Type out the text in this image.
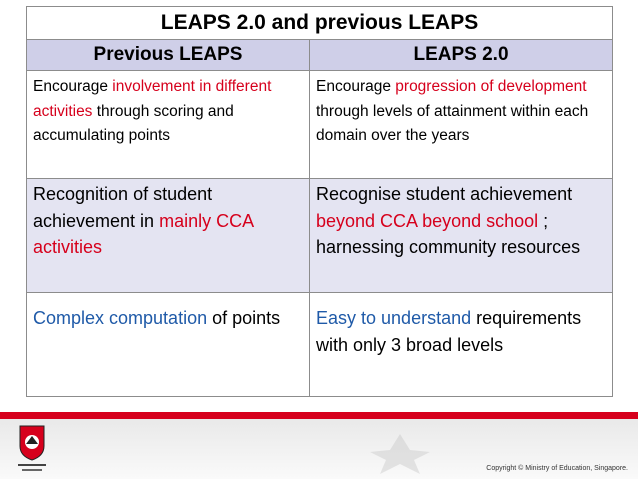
LEAPS 2.0 and previous LEAPS	
Previous LEAPS	LEAPS 2.0

Encourage involvement in different activities through scoring and accumulating points	Encourage progression of development through levels of attainment within each domain over the years

Recognition of student achievement in mainly CCA activities	Recognise student achievement beyond CCA beyond school ; harnessing community resources

Complex computation of points	Easy to understand requirements with only 3 broad levels
Copyright © Ministry of Education, Singapore.
